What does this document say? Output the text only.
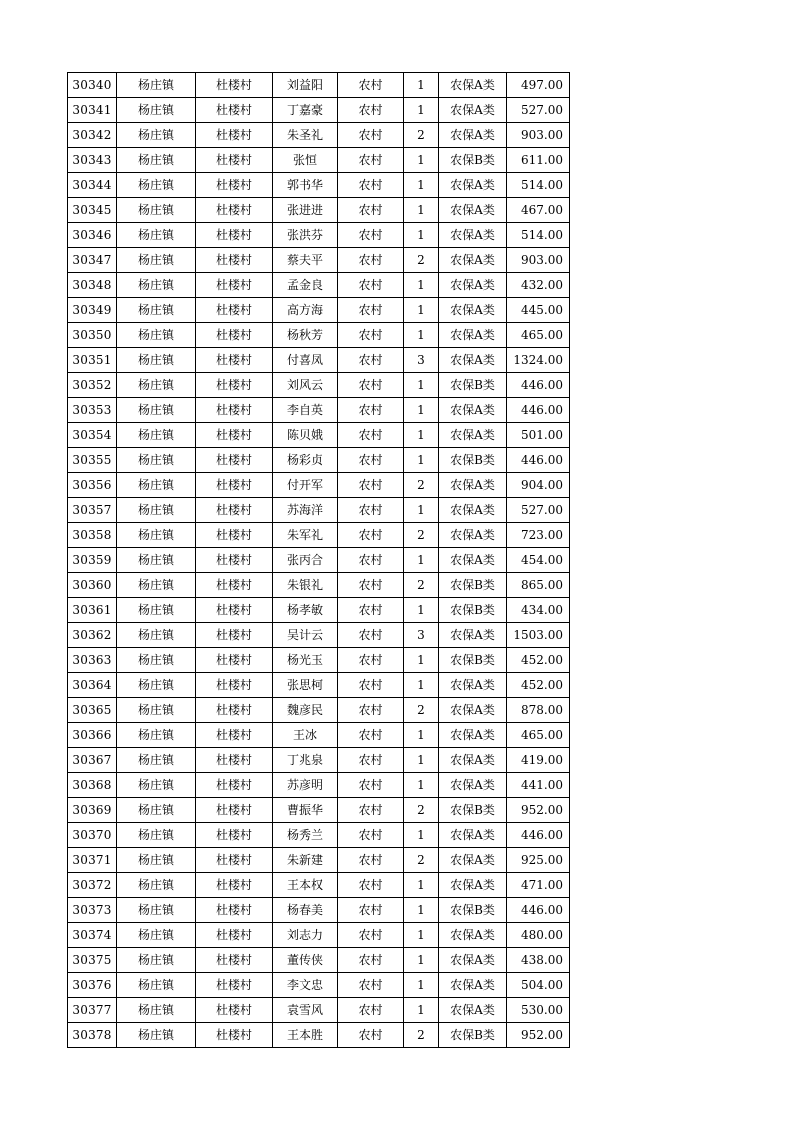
30340	杨庄镇	杜楼村	刘益阳	农村	1	农保A类	497.00
30341	杨庄镇	杜楼村	丁嘉豪	农村	1	农保A类	527.00
30342	杨庄镇	杜楼村	朱圣礼	农村	2	农保A类	903.00
30343	杨庄镇	杜楼村	张恒	农村	1	农保B类	611.00
30344	杨庄镇	杜楼村	郭书华	农村	1	农保A类	514.00
30345	杨庄镇	杜楼村	张进进	农村	1	农保A类	467.00
30346	杨庄镇	杜楼村	张洪芬	农村	1	农保A类	514.00
30347	杨庄镇	杜楼村	蔡夫平	农村	2	农保A类	903.00
30348	杨庄镇	杜楼村	孟金良	农村	1	农保A类	432.00
30349	杨庄镇	杜楼村	高方海	农村	1	农保A类	445.00
30350	杨庄镇	杜楼村	杨秋芳	农村	1	农保A类	465.00
30351	杨庄镇	杜楼村	付喜凤	农村	3	农保A类	1324.00
30352	杨庄镇	杜楼村	刘风云	农村	1	农保B类	446.00
30353	杨庄镇	杜楼村	李自英	农村	1	农保A类	446.00
30354	杨庄镇	杜楼村	陈贝娥	农村	1	农保A类	501.00
30355	杨庄镇	杜楼村	杨彩贞	农村	1	农保B类	446.00
30356	杨庄镇	杜楼村	付开军	农村	2	农保A类	904.00
30357	杨庄镇	杜楼村	苏海洋	农村	1	农保A类	527.00
30358	杨庄镇	杜楼村	朱军礼	农村	2	农保A类	723.00
30359	杨庄镇	杜楼村	张丙合	农村	1	农保A类	454.00
30360	杨庄镇	杜楼村	朱银礼	农村	2	农保B类	865.00
30361	杨庄镇	杜楼村	杨孝敏	农村	1	农保B类	434.00
30362	杨庄镇	杜楼村	吴计云	农村	3	农保A类	1503.00
30363	杨庄镇	杜楼村	杨光玉	农村	1	农保B类	452.00
30364	杨庄镇	杜楼村	张思柯	农村	1	农保A类	452.00
30365	杨庄镇	杜楼村	魏彦民	农村	2	农保A类	878.00
30366	杨庄镇	杜楼村	王冰	农村	1	农保A类	465.00
30367	杨庄镇	杜楼村	丁兆泉	农村	1	农保A类	419.00
30368	杨庄镇	杜楼村	苏彦明	农村	1	农保A类	441.00
30369	杨庄镇	杜楼村	曹振华	农村	2	农保B类	952.00
30370	杨庄镇	杜楼村	杨秀兰	农村	1	农保A类	446.00
30371	杨庄镇	杜楼村	朱新建	农村	2	农保A类	925.00
30372	杨庄镇	杜楼村	王本权	农村	1	农保A类	471.00
30373	杨庄镇	杜楼村	杨春美	农村	1	农保B类	446.00
30374	杨庄镇	杜楼村	刘志力	农村	1	农保A类	480.00
30375	杨庄镇	杜楼村	董传侠	农村	1	农保A类	438.00
30376	杨庄镇	杜楼村	李文忠	农村	1	农保A类	504.00
30377	杨庄镇	杜楼村	袁雪风	农村	1	农保A类	530.00
30378	杨庄镇	杜楼村	王本胜	农村	2	农保B类	952.00
